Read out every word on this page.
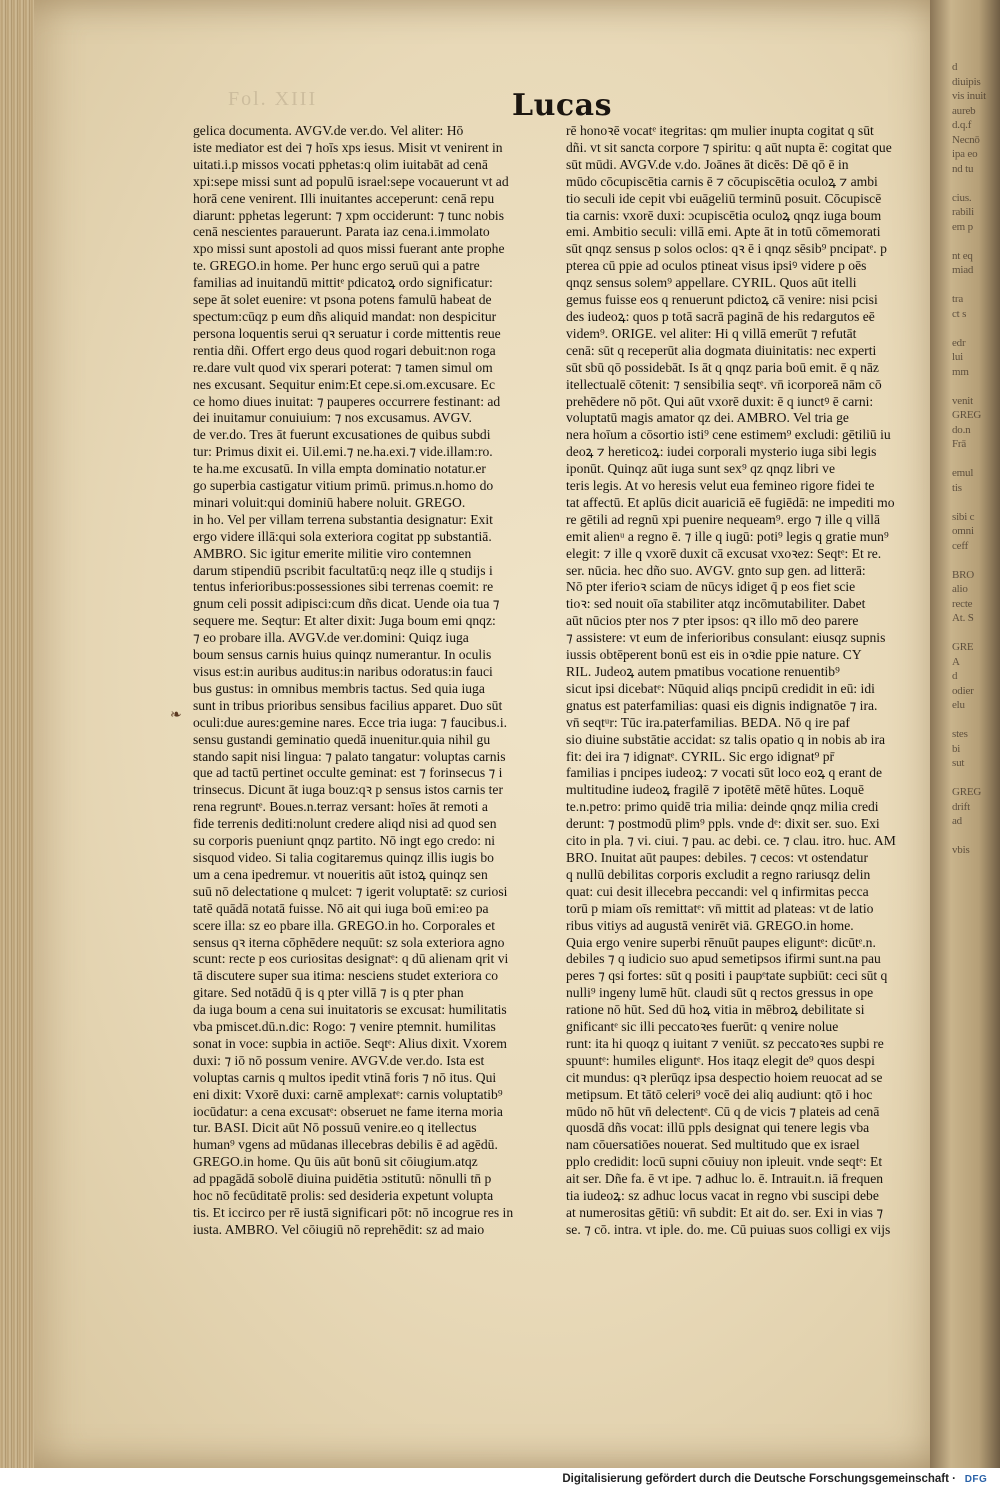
d
diuipis
vis inuit
aureb
d.q.f
Necnō
ipa eo
nd tu

cius.
rabili
em p

nt eq
miad

tra
ct s

edr
lui
mm

venit
GREG
do.n
Frā

emul
tis

sibi c
omni
ceff

BRO
alio
recte
At. S

GRE
A
d
odier
elu

stes
bi
sut

GREG
drift
ad

vbis
Fol. XIII	Lucas
❧
gelica documenta. AVGV.de ver.do. Vel aliter: Hō
iste mediator est dei ⁊ hoīs xps iesus. Misit vt venirent in
uitati.i.p missos vocati pphetas:q olim iuitabāt ad cenā
xpi:sepe missi sunt ad populū israel:sepe vocauerunt vt ad
horā cene venirent. Illi inuitantes acceperunt: cenā repu
diarunt: pphetas legerunt: ⁊ xpm occiderunt: ⁊ tunc nobis
cenā nescientes parauerunt. Parata iaz cena.i.immolato
xpo missi sunt apostoli ad quos missi fuerant ante prophe
te. GREGO.in home. Per hunc ergo seruū qui a patre
familias ad inuitandū mittitᵉ pdicatoꝝ ordo significatur:
sepe āt solet euenire: vt psona potens famulū habeat de
spectum:cūqz p eum dñs aliquid mandat: non despicitur
persona loquentis serui qꝛ seruatur i corde mittentis reue
rentia dñi. Offert ergo deus quod rogari debuit:non roga
re.dare vult quod vix sperari poterat: ⁊ tamen simul om
nes excusant. Sequitur enim:Et cepe.si.om.excusare. Ec
ce homo diues inuitat: ⁊ pauperes occurrere festinant: ad
dei inuitamur conuiuium: ⁊ nos excusamus. AVGV.
de ver.do. Tres āt fuerunt excusationes de quibus subdi
tur: Primus dixit ei. Uil.emi.⁊ ne.ha.exi.⁊ vide.illam:ro.
te ha.me excusatū. In villa empta dominatio notatur.er
go superbia castigatur vitium primū. primus.n.homo do
minari voluit:qui dominiū habere noluit. GREGO.
in ho. Vel per villam terrena substantia designatur: Exit
ergo videre illā:qui sola exteriora cogitat pp substantiā.
AMBRO. Sic igitur emerite militie viro contemnen
darum stipendiū pscribit facultatū:q neqz ille q studijs i
tentus inferioribus:possessiones sibi terrenas coemit: re
gnum celi possit adipisci:cum dñs dicat. Uende oia tua ⁊
sequere me. Seqtur: Et alter dixit: Juga boum emi qnqz:
⁊ eo probare illa. AVGV.de ver.domini: Quiqz iuga
boum sensus carnis huius quinqz numerantur. In oculis
visus est:in auribus auditus:in naribus odoratus:in fauci
bus gustus: in omnibus membris tactus. Sed quia iuga
sunt in tribus prioribus sensibus facilius apparet. Duo sūt
oculi:due aures:gemine nares. Ecce tria iuga: ⁊ faucibus.i.
sensu gustandi geminatio quedā inuenitur.quia nihil gu
stando sapit nisi lingua: ⁊ palato tangatur: voluptas carnis
que ad tactū pertinet occulte geminat: est ⁊ forinsecus ⁊ i
trinsecus. Dicunt āt iuga bouz:qꝛ p sensus istos carnis ter
rena regruntᵉ. Boues.n.terraz versant: hoīes āt remoti a
fide terrenis dediti:nolunt credere aliqd nisi ad quod sen
su corporis pueniunt qnqz partito. Nō ingt ego credo: ni
sisquod video. Si talia cogitaremus quinqz illis iugis bo
um a cena ipedremur. vt noueritis aūt istoꝝ quinqz sen
suū nō delectatione q mulcet: ⁊ igerit voluptatē: sz curiosi
tatē quādā notatā fuisse. Nō ait qui iuga boū emi:eo pa
scere illa: sz eo pbare illa. GREGO.in ho. Corporales et
sensus qꝛ iterna cōphēdere nequūt: sz sola exteriora agno
scunt: recte p eos curiositas designatᵉ: q dū alienam qrit vi
tā discutere super sua itima: nesciens studet exteriora co
gitare. Sed notādū q̄ is q pter villā ⁊ is q pter phan
da iuga boum a cena sui inuitatoris se excusat: humilitatis
vba pmiscet.dū.n.dic: Rogo: ⁊ venire ptemnit. humilitas
sonat in voce: supbia in actiōe. Seqtᵉ: Alius dixit. Vxorem
duxi: ⁊ iō nō possum venire. AVGV.de ver.do. Ista est
voluptas carnis q multos ipedit vtinā foris ⁊ nō itus. Qui
eni dixit: Vxorē duxi: carnē amplexatᵉ: carnis voluptatib⁹
iocūdatur: a cena excusatᵉ: obseruet ne fame iterna moria
tur. BASI. Dicit aūt Nō possuū venire.eo q itellectus
human⁹ vgens ad mūdanas illecebras debilis ē ad agēdū.
GREGO.in home. Qu ūis aūt bonū sit cōiugium.atqz
ad ppagādā sobolē diuina puidētia ɔstitutū: nōnulli tn̄ p
hoc nō fecūditatē prolis: sed desideria expetunt volupta
tis. Et iccirco per rē iustā significari pōt: nō incogrue res in
iusta. AMBRO. Vel cōiugiū nō reprehēdit: sz ad maio
rē honoꝛē vocatᵉ itegritas: qm mulier inupta cogitat q sūt
dñi. vt sit sancta corpore ⁊ spiritu: q aūt nupta ē: cogitat que
sūt mūdi. AVGV.de v.do. Joānes āt dicēs: Dē qō ē in
mūdo cōcupiscētia carnis ē ⁊ cōcupiscētia oculoꝝ ⁊ ambi
tio seculi ide cepit vbi euāgeliū terminū posuit. Cōcupiscē
tia carnis: vxorē duxi: ɔcupiscētia oculoꝝ qnqz iuga boum
emi. Ambitio seculi: villā emi. Apte āt in totū cōmemorati
sūt qnqz sensus p solos oclos: qꝛ ē i qnqz sēsib⁹ pncipatᵉ. p
pterea cū ppie ad oculos ptineat visus ipsiꝰ videre p oēs
qnqz sensus solem⁹ appellare. CYRIL. Quos aūt itelli
gemus fuisse eos q renuerunt pdictoꝝ cā venire: nisi pcisi
des iudeoꝝ: quos p totā sacrā paginā de his redargutos eē
videm⁹. ORIGE. vel aliter: Hi q villā emerūt ⁊ refutāt
cenā: sūt q receperūt alia dogmata diuinitatis: nec experti
sūt sbū qō possidebāt. Is āt q qnqz paria boū emit. ē q nāz
itellectualē cōtenit: ⁊ sensibilia seqtᵉ. vn̄ icorporeā nām cō
prehēdere nō pōt. Qui aūt vxorē duxit: ē q iunctꝰ ē carni:
voluptatū magis amator qz dei. AMBRO. Vel tria ge
nera hoīum a cōsortio isti⁹ cene estimem⁹ excludi: gētiliū iu
deoꝝ ⁊ hereticoꝝ: iudei corporali mysterio iuga sibi legis
iponūt. Quinqz aūt iuga sunt sex⁹ qz qnqz libri ve
teris legis. At vo heresis velut eua femineo rigore fidei te
tat affectū. Et aplūs dicit auariciā eē fugiēdā: ne impediti mo
re gētili ad regnū xpi puenire nequeam⁹. ergo ⁊ ille q villā
emit alienᵘ a regno ē. ⁊ ille q iugū: poti⁹ legis q gratie mun⁹
elegit: ⁊ ille q vxorē duxit cā excusat vxoꝛez: Seqtᵉ: Et re.
ser. nūcia. hec dño suo. AVGV. gnto sup gen. ad litterā:
Nō pter iferioꝛ sciam de nūcys idiget q̄ p eos fiet scie
tioꝛ: sed nouit oīa stabiliter atqz incōmutabiliter. Dabet
aūt nūcios pter nos ⁊ pter ipsos: qꝛ illo mō deo parere
⁊ assistere: vt eum de inferioribus consulant: eiusqz supnis
iussis obtēperent bonū est eis in oꝛdie ppie nature. CY
RIL. Judeoꝝ autem pmatibus vocatione renuentib⁹
sicut ipsi dicebatᵉ: Nūquid aliqs pncipū credidit in eū: idi
gnatus est paterfamilias: quasi eis dignis indignatōe ⁊ ira.
vn̄ seqtᵘr: Tūc ira.paterfamilias. BEDA. Nō q ire paf
sio diuine substātie accidat: sz talis opatio q in nobis ab ira
fit: dei ira ⁊ idignatᵉ. CYRIL. Sic ergo idignat⁹ pr̄
familias i pncipes iudeoꝝ: ⁊ vocati sūt loco eoꝝ q erant de
multitudine iudeoꝝ fragilē ⁊ ipotētē mētē hūtes. Loquē
te.n.petro: primo quidē tria milia: deinde qnqz milia credi
derunt: ⁊ postmodū plim⁹ ppls. vnde dᵉ: dixit ser. suo. Exi
cito in pla. ⁊ vi. ciui. ⁊ pau. ac debi. ce. ⁊ clau. itro. huc. AM
BRO. Inuitat aūt paupes: debiles. ⁊ cecos: vt ostendatur
q nullū debilitas corporis excludit a regno rariusqz delin
quat: cui desit illecebra peccandi: vel q infirmitas pecca
torū p miam oīs remittatᵉ: vn̄ mittit ad plateas: vt de latio
ribus vitiys ad augustā venirēt viā. GREGO.in home.
Quia ergo venire superbi rēnuūt paupes eliguntᵉ: dicūtᵉ.n.
debiles ⁊ q iudicio suo apud semetipsos ifirmi sunt.na pau
peres ⁊ qsi fortes: sūt q positi i paupᵉtate supbiūt: ceci sūt q
nulli⁹ ingeny lumē hūt. claudi sūt q rectos gressus in ope
ratione nō hūt. Sed dū hoꝝ vitia in mēbroꝝ debilitate si
gnificantᵉ sic illi peccatoꝛes fuerūt: q venire nolue
runt: ita hi quoqz q iuitant ⁊ veniūt. sz peccatoꝛes supbi re
spuuntᵉ: humiles eliguntᵉ. Hos itaqz elegit de⁹ quos despi
cit mundus: qꝛ plerūqz ipsa despectio hoiem reuocat ad se
metipsum. Et tātō celeri⁹ vocē dei aliq audiunt: qtō i hoc
mūdo nō hūt vn̄ delectentᵉ. Cū q de vicis ⁊ plateis ad cenā
quosdā dñs vocat: illū ppls designat qui tenere legis vba
nam cōuersatiōes nouerat. Sed multitudo que ex israel
pplo credidit: locū supni cōuiuy non ipleuit. vnde seqtᵉ: Et
ait ser. Dñe fa. ē vt ipe. ⁊ adhuc lo. ē. Intrauit.n. iā frequen
tia iudeoꝝ: sz adhuc locus vacat in regno vbi suscipi debe
at numerositas gētiū: vn̄ subdit: Et ait do. ser. Exi in vias ⁊
se. ⁊ cō. intra. vt iple. do. me. Cū puiuas suos colligi ex vijs
Digitalisierung gefördert durch die Deutsche Forschungsgemeinschaft · DFG
